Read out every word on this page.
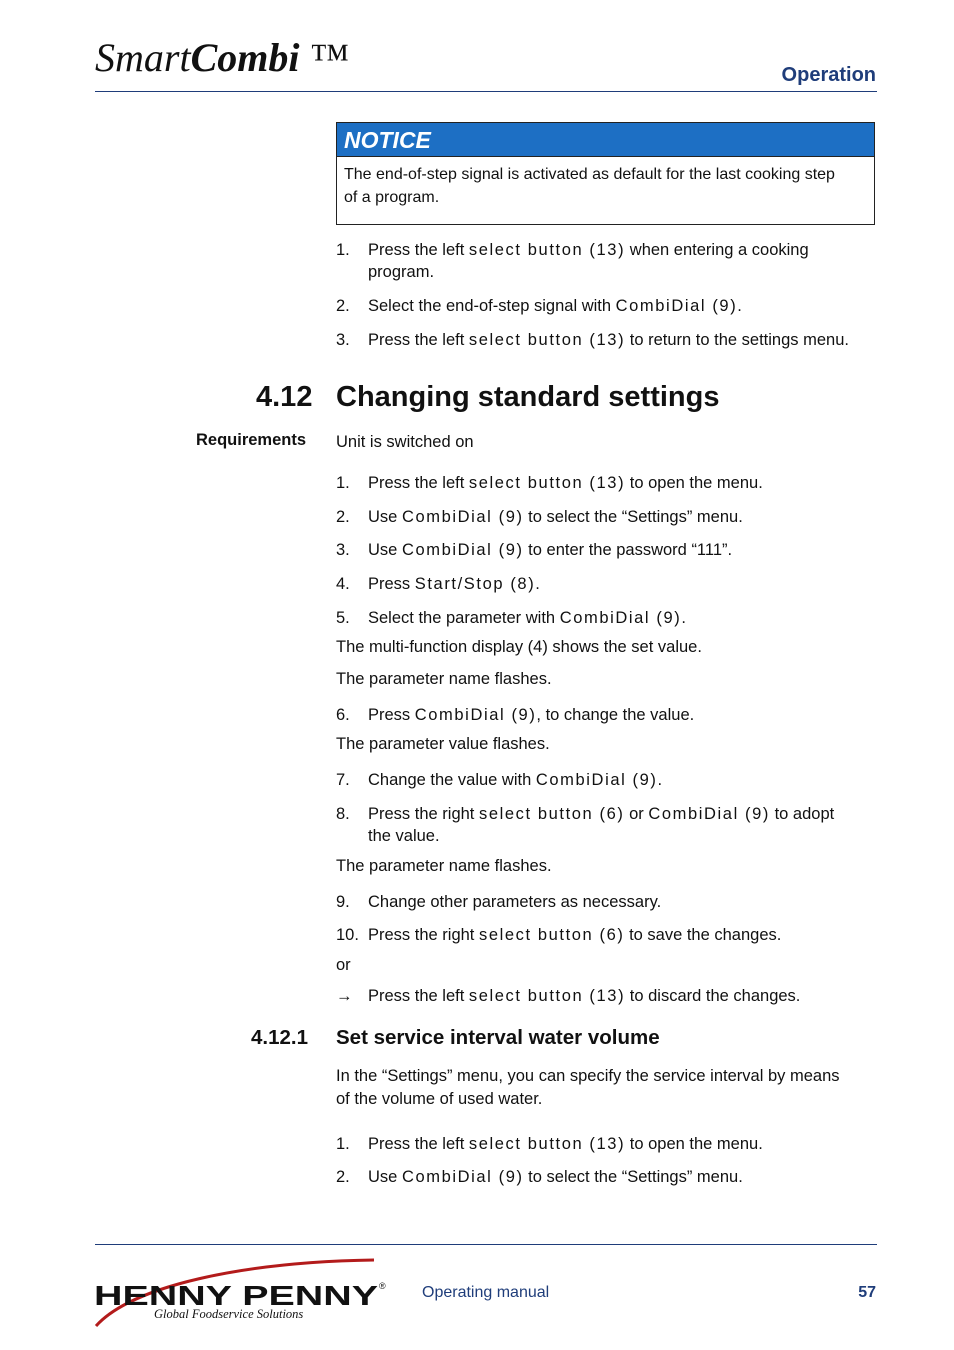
SmartCombi ™	Operation
NOTICE
The end-of-step signal is activated as default for the last cooking step
of a program.
1. Press the left select button (13) when entering a cooking
program.
2. Select the end-of-step signal with CombiDial (9).
3. Press the left select button (13) to return to the settings menu.
4.12 Changing standard settings
Requirements Unit is switched on
1. Press the left select button (13) to open the menu.
2. Use CombiDial (9) to select the “Settings” menu.
3. Use CombiDial (9) to enter the password “111”.
4. Press Start/Stop (8).
5. Select the parameter with CombiDial (9).
The multi-function display (4) shows the set value.
The parameter name flashes.
6. Press CombiDial (9), to change the value.
The parameter value flashes.
7. Change the value with CombiDial (9).
8. Press the right select button (6) or CombiDial (9) to adopt
the value.
The parameter name flashes.
9. Change other parameters as necessary.
10. Press the right select button (6) to save the changes.
or
→ Press the left select button (13) to discard the changes.
4.12.1 Set service interval water volume
In the “Settings” menu, you can specify the service interval by means
of the volume of used water.
1. Press the left select button (13) to open the menu.
2. Use CombiDial (9) to select the “Settings” menu.
HENNY PENNY ®
Global Foodservice Solutions
Operating manual	57
